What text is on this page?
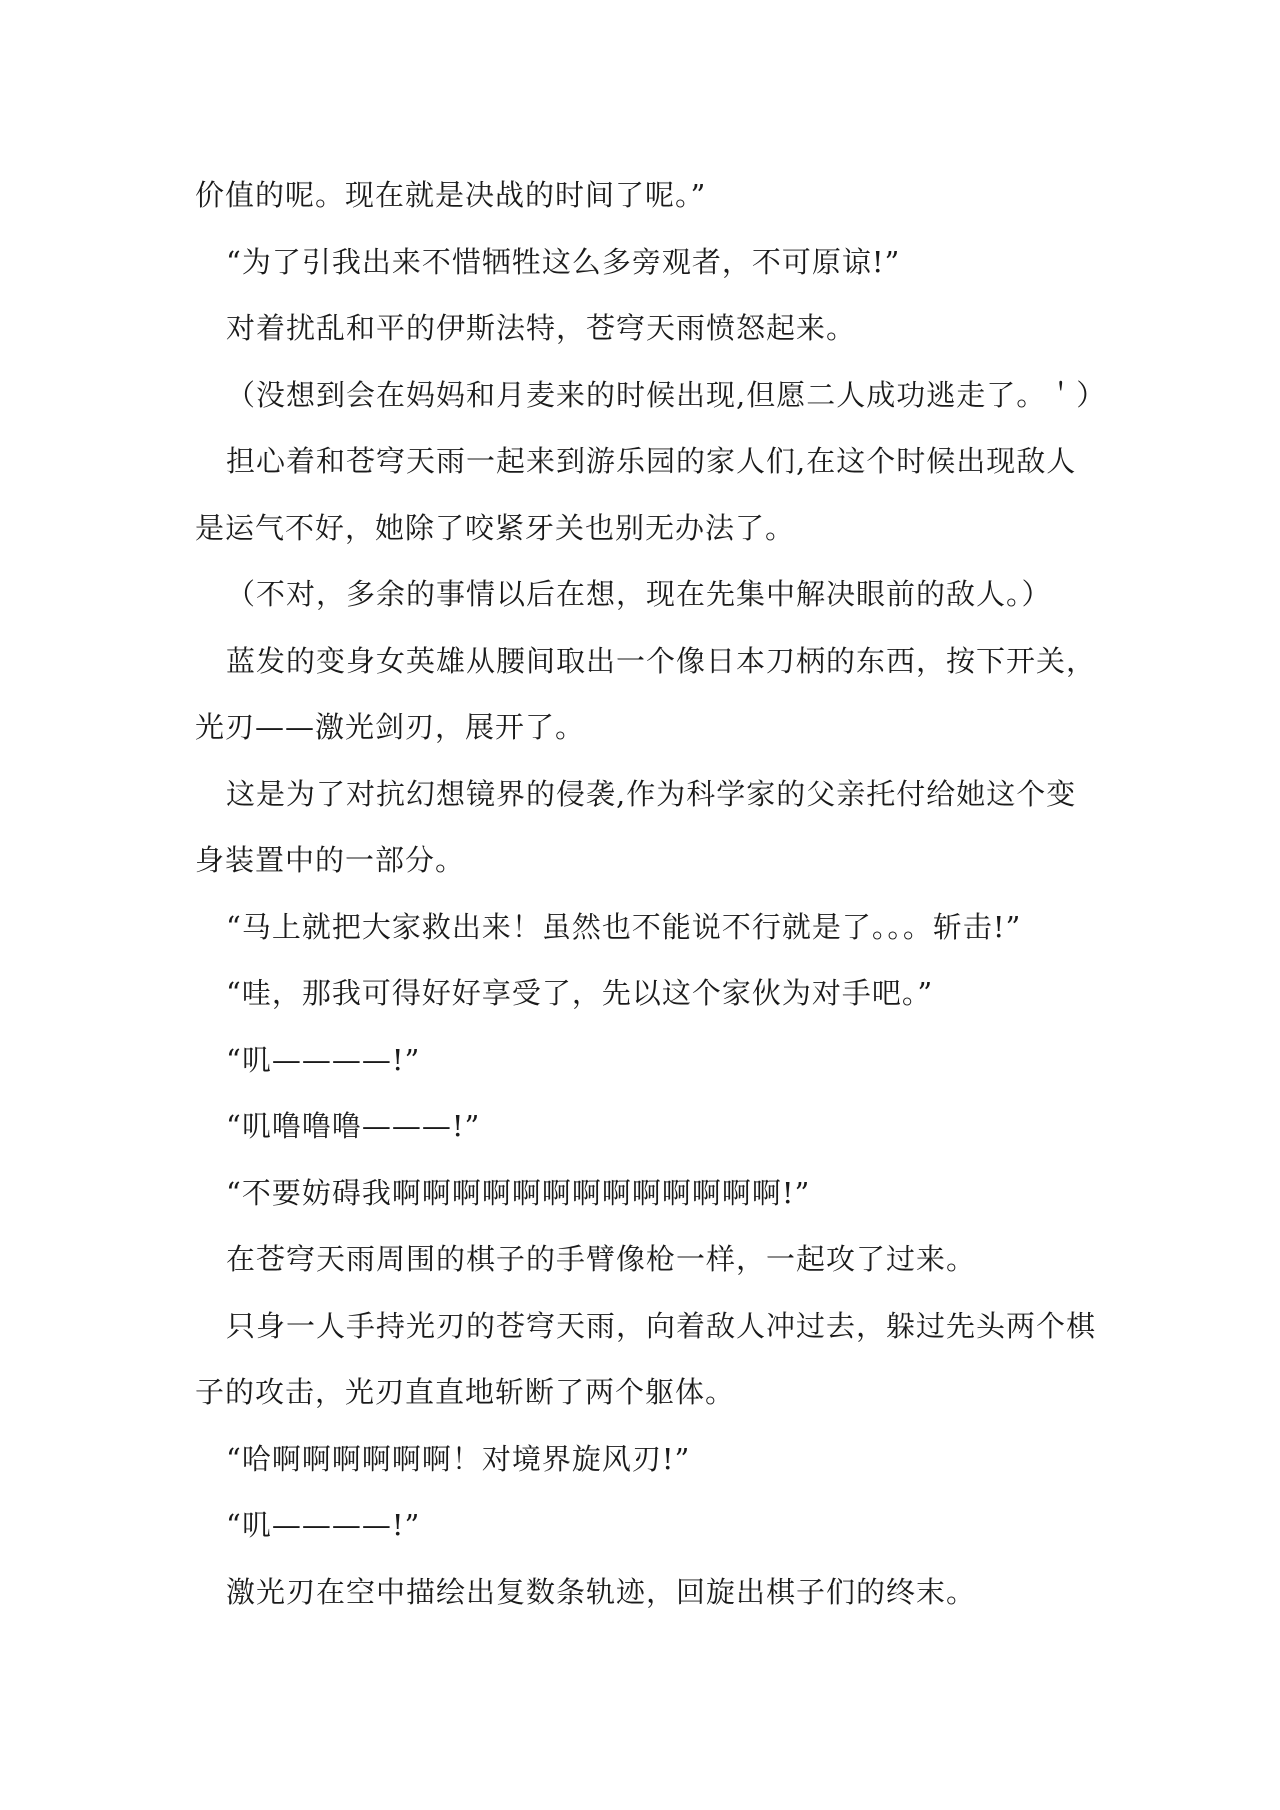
价值的呢。现在就是决战的时间了呢。”
“为了引我出来不惜牺牲这么多旁观者，不可原谅!”
对着扰乱和平的伊斯法特，苍穹天雨愤怒起来。
（没想到会在妈妈和月麦来的时候出现,但愿二人成功逃走了。＇）
担心着和苍穹天雨一起来到游乐园的家人们,在这个时候出现敌人
是运气不好，她除了咬紧牙关也别无办法了。
（不对，多余的事情以后在想，现在先集中解决眼前的敌人。）
蓝发的变身女英雄从腰间取出一个像日本刀柄的东西，按下开关，
光刃——激光剑刃，展开了。
这是为了对抗幻想镜界的侵袭,作为科学家的父亲托付给她这个变
身装置中的一部分。
“马上就把大家救出来！虽然也不能说不行就是了。。。斩击!”
“哇，那我可得好好享受了，先以这个家伙为对手吧。”
“叽————!”
“叽噜噜噜———!”
“不要妨碍我啊啊啊啊啊啊啊啊啊啊啊啊啊!”
在苍穹天雨周围的棋子的手臂像枪一样，一起攻了过来。
只身一人手持光刃的苍穹天雨，向着敌人冲过去，躲过先头两个棋
子的攻击，光刃直直地斩断了两个躯体。
“哈啊啊啊啊啊啊！对境界旋风刃!”
“叽————!”
激光刃在空中描绘出复数条轨迹，回旋出棋子们的终末。
